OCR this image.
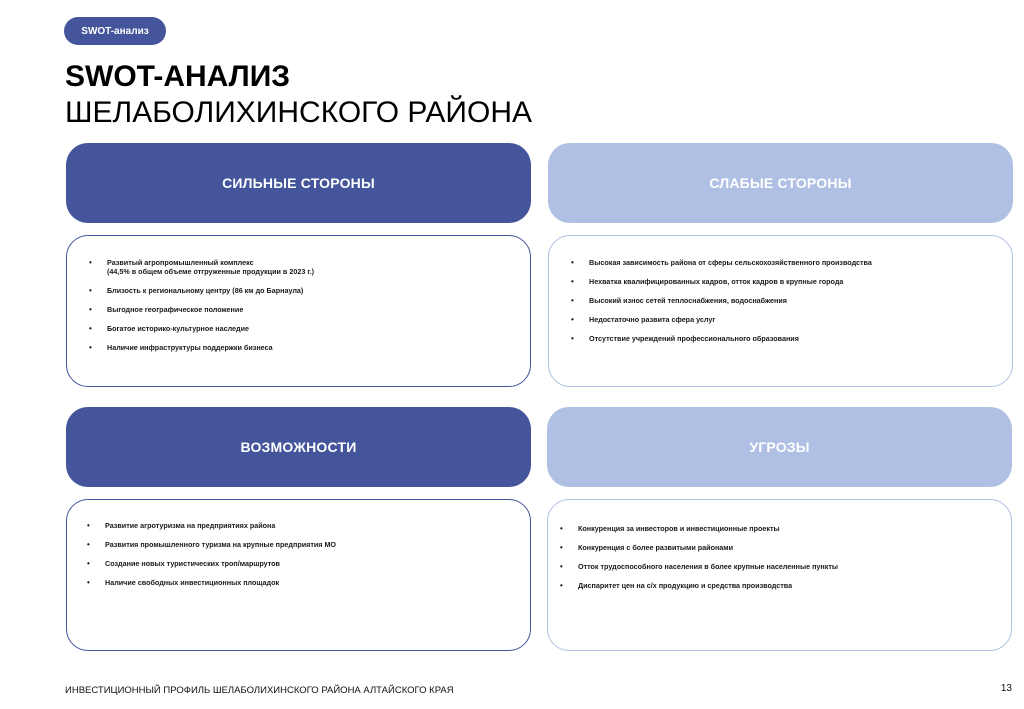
SWOT-анализ
SWOT-АНАЛИЗ
ШЕЛАБОЛИХИНСКОГО РАЙОНА
СИЛЬНЫЕ СТОРОНЫ
• Развитый агропромышленный комплекс
(44,5% в общем объеме отгруженные продукции в 2023 г.)
• Близость к региональному центру (86 км до Барнаула)
• Выгодное географическое положение
• Богатое историко-культурное наследие
• Наличие инфраструктуры поддержки бизнеса
СЛАБЫЕ СТОРОНЫ
• Высокая зависимость района от сферы сельскохозяйственного производства
• Нехватка квалифицированных кадров, отток кадров в крупные города
• Высокий износ сетей теплоснабжения, водоснабжения
• Недостаточно развита сфера услуг
• Отсутствие учреждений профессионального образования
ВОЗМОЖНОСТИ
• Развитие агротуризма на предприятиях района
• Развития промышленного туризма на крупные предприятия МО
• Создание новых туристических троп/маршрутов
• Наличие свободных инвестиционных площадок
УГРОЗЫ
• Конкуренция за инвесторов и инвестиционные проекты
• Конкуренция с более развитыми районами
• Отток трудоспособного населения в более крупные населенные пункты
• Диспаритет цен на с/х продукцию и средства производства
ИНВЕСТИЦИОННЫЙ ПРОФИЛЬ ШЕЛАБОЛИХИНСКОГО РАЙОНА АЛТАЙСКОГО КРАЯ	13
